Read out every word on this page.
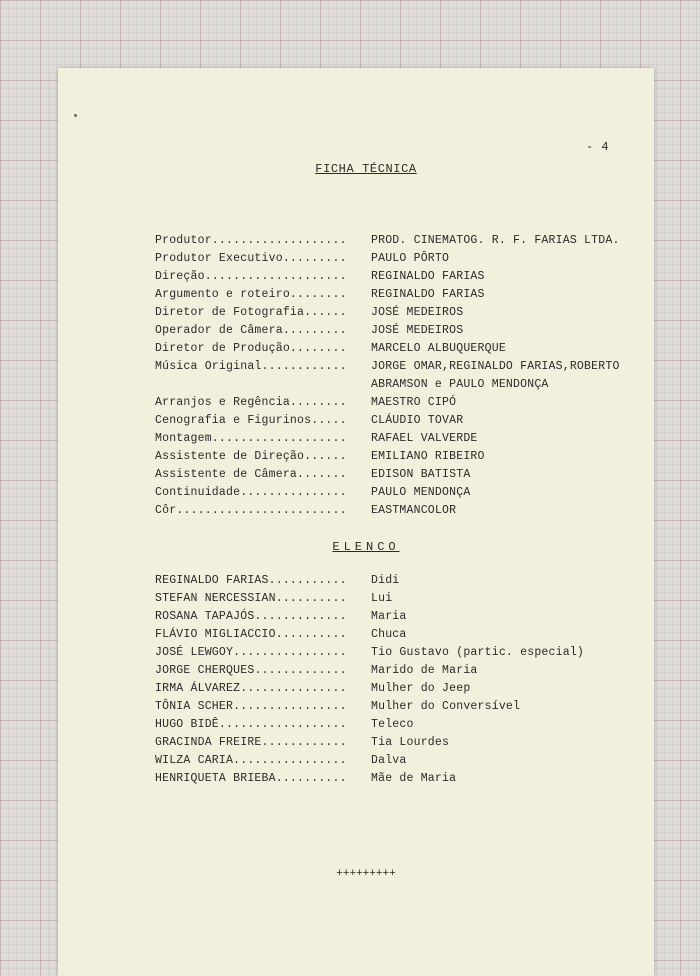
- 4
FICHA TÉCNICA
Produtor................... PROD. CINEMATOG. R. F. FARIAS LTDA.
Produtor Executivo......... PAULO PÔRTO
Direção.................... REGINALDO FARIAS
Argumento e roteiro........ REGINALDO FARIAS
Diretor de Fotografia...... JOSÉ MEDEIROS
Operador de Câmera......... JOSÉ MEDEIROS
Diretor de Produção........ MARCELO ALBUQUERQUE
Música Original............ JORGE OMAR,REGINALDO FARIAS,ROBERTO
ABRAMSON e PAULO MENDONÇA
Arranjos e Regência........ MAESTRO CIPÓ
Cenografia e Figurinos..... CLÁUDIO TOVAR
Montagem................... RAFAEL VALVERDE
Assistente de Direção...... EMILIANO RIBEIRO
Assistente de Câmera....... EDISON BATISTA
Continuidade............... PAULO MENDONÇA
Côr........................ EASTMANCOLOR
ELENCO
REGINALDO FARIAS........... Didi
STEFAN NERCESSIAN.......... Lui
ROSANA TAPAJÓS............. Maria
FLÁVIO MIGLIACCIO.......... Chuca
JOSÉ LEWGOY................ Tio Gustavo (partic. especial)
JORGE CHERQUES............. Marido de Maria
IRMA ÁLVAREZ............... Mulher do Jeep
TÔNIA SCHER................ Mulher do Conversível
HUGO BIDÊ.................. Teleco
GRACINDA FREIRE............ Tia Lourdes
WILZA CARIA................ Dalva
HENRIQUETA BRIEBA.......... Mãe de Maria
+++++++++
